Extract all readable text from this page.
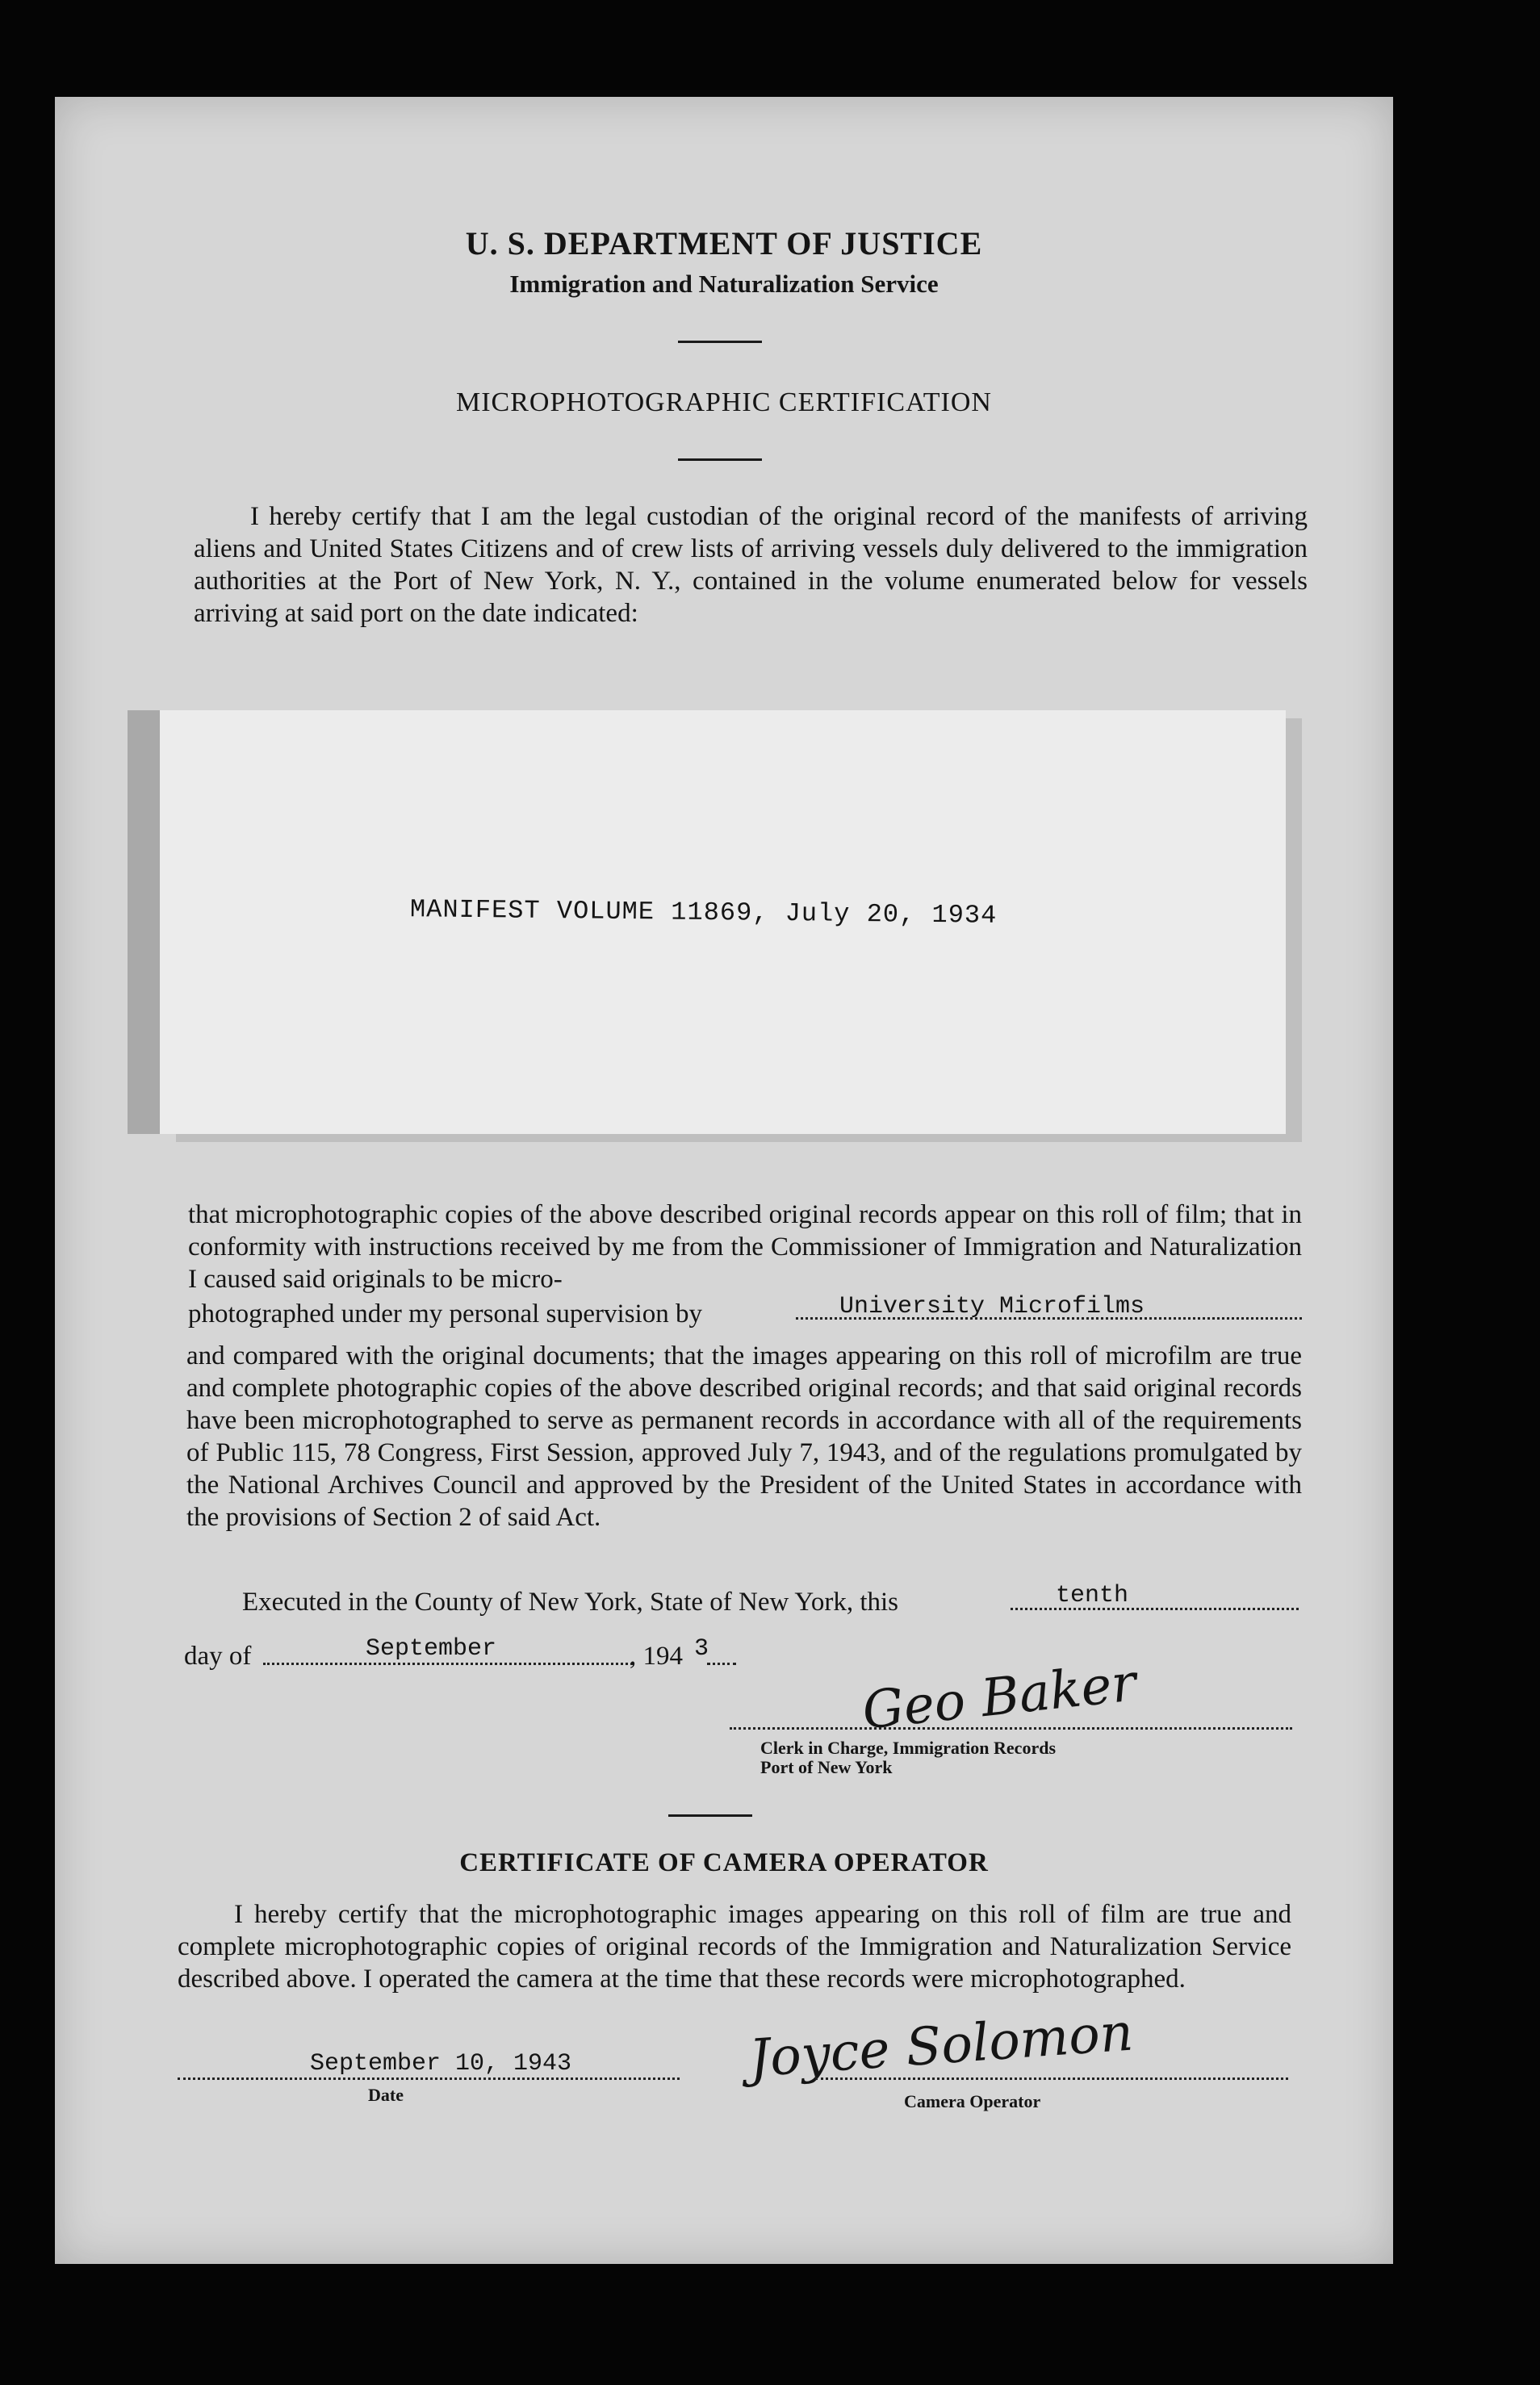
U. S. DEPARTMENT OF JUSTICE
Immigration and Naturalization Service
MICROPHOTOGRAPHIC CERTIFICATION
I hereby certify that I am the legal custodian of the original record of the manifests of arriving aliens and United States Citizens and of crew lists of arriving vessels duly delivered to the immigration authorities at the Port of New York, N. Y., contained in the volume enumerated below for vessels arriving at said port on the date indicated:
MANIFEST VOLUME 11869, July 20, 1934
that microphotographic copies of the above described original records appear on this roll of film; that in conformity with instructions received by me from the Commissioner of Immigration and Naturalization I caused said originals to be micro-
photographed under my personal supervision by	University Microfilms
and compared with the original documents; that the images appearing on this roll of microfilm are true and complete photographic copies of the above described original records; and that said original records have been microphotographed to serve as permanent records in accordance with all of the requirements of Public 115, 78 Congress, First Session, approved July 7, 1943, and of the regulations promulgated by the National Archives Council and approved by the President of the United States in accordance with the provisions of Section 2 of said Act.
Executed in the County of New York, State of New York, this	tenth
day of	September	, 194 3
Geo Baker
Clerk in Charge, Immigration Records
Port of New York
CERTIFICATE OF CAMERA OPERATOR
I hereby certify that the microphotographic images appearing on this roll of film are true and complete microphotographic copies of original records of the Immigration and Naturalization Service described above. I operated the camera at the time that these records were microphotographed.
September 10, 1943
Date
Joyce Solomon
Camera Operator
